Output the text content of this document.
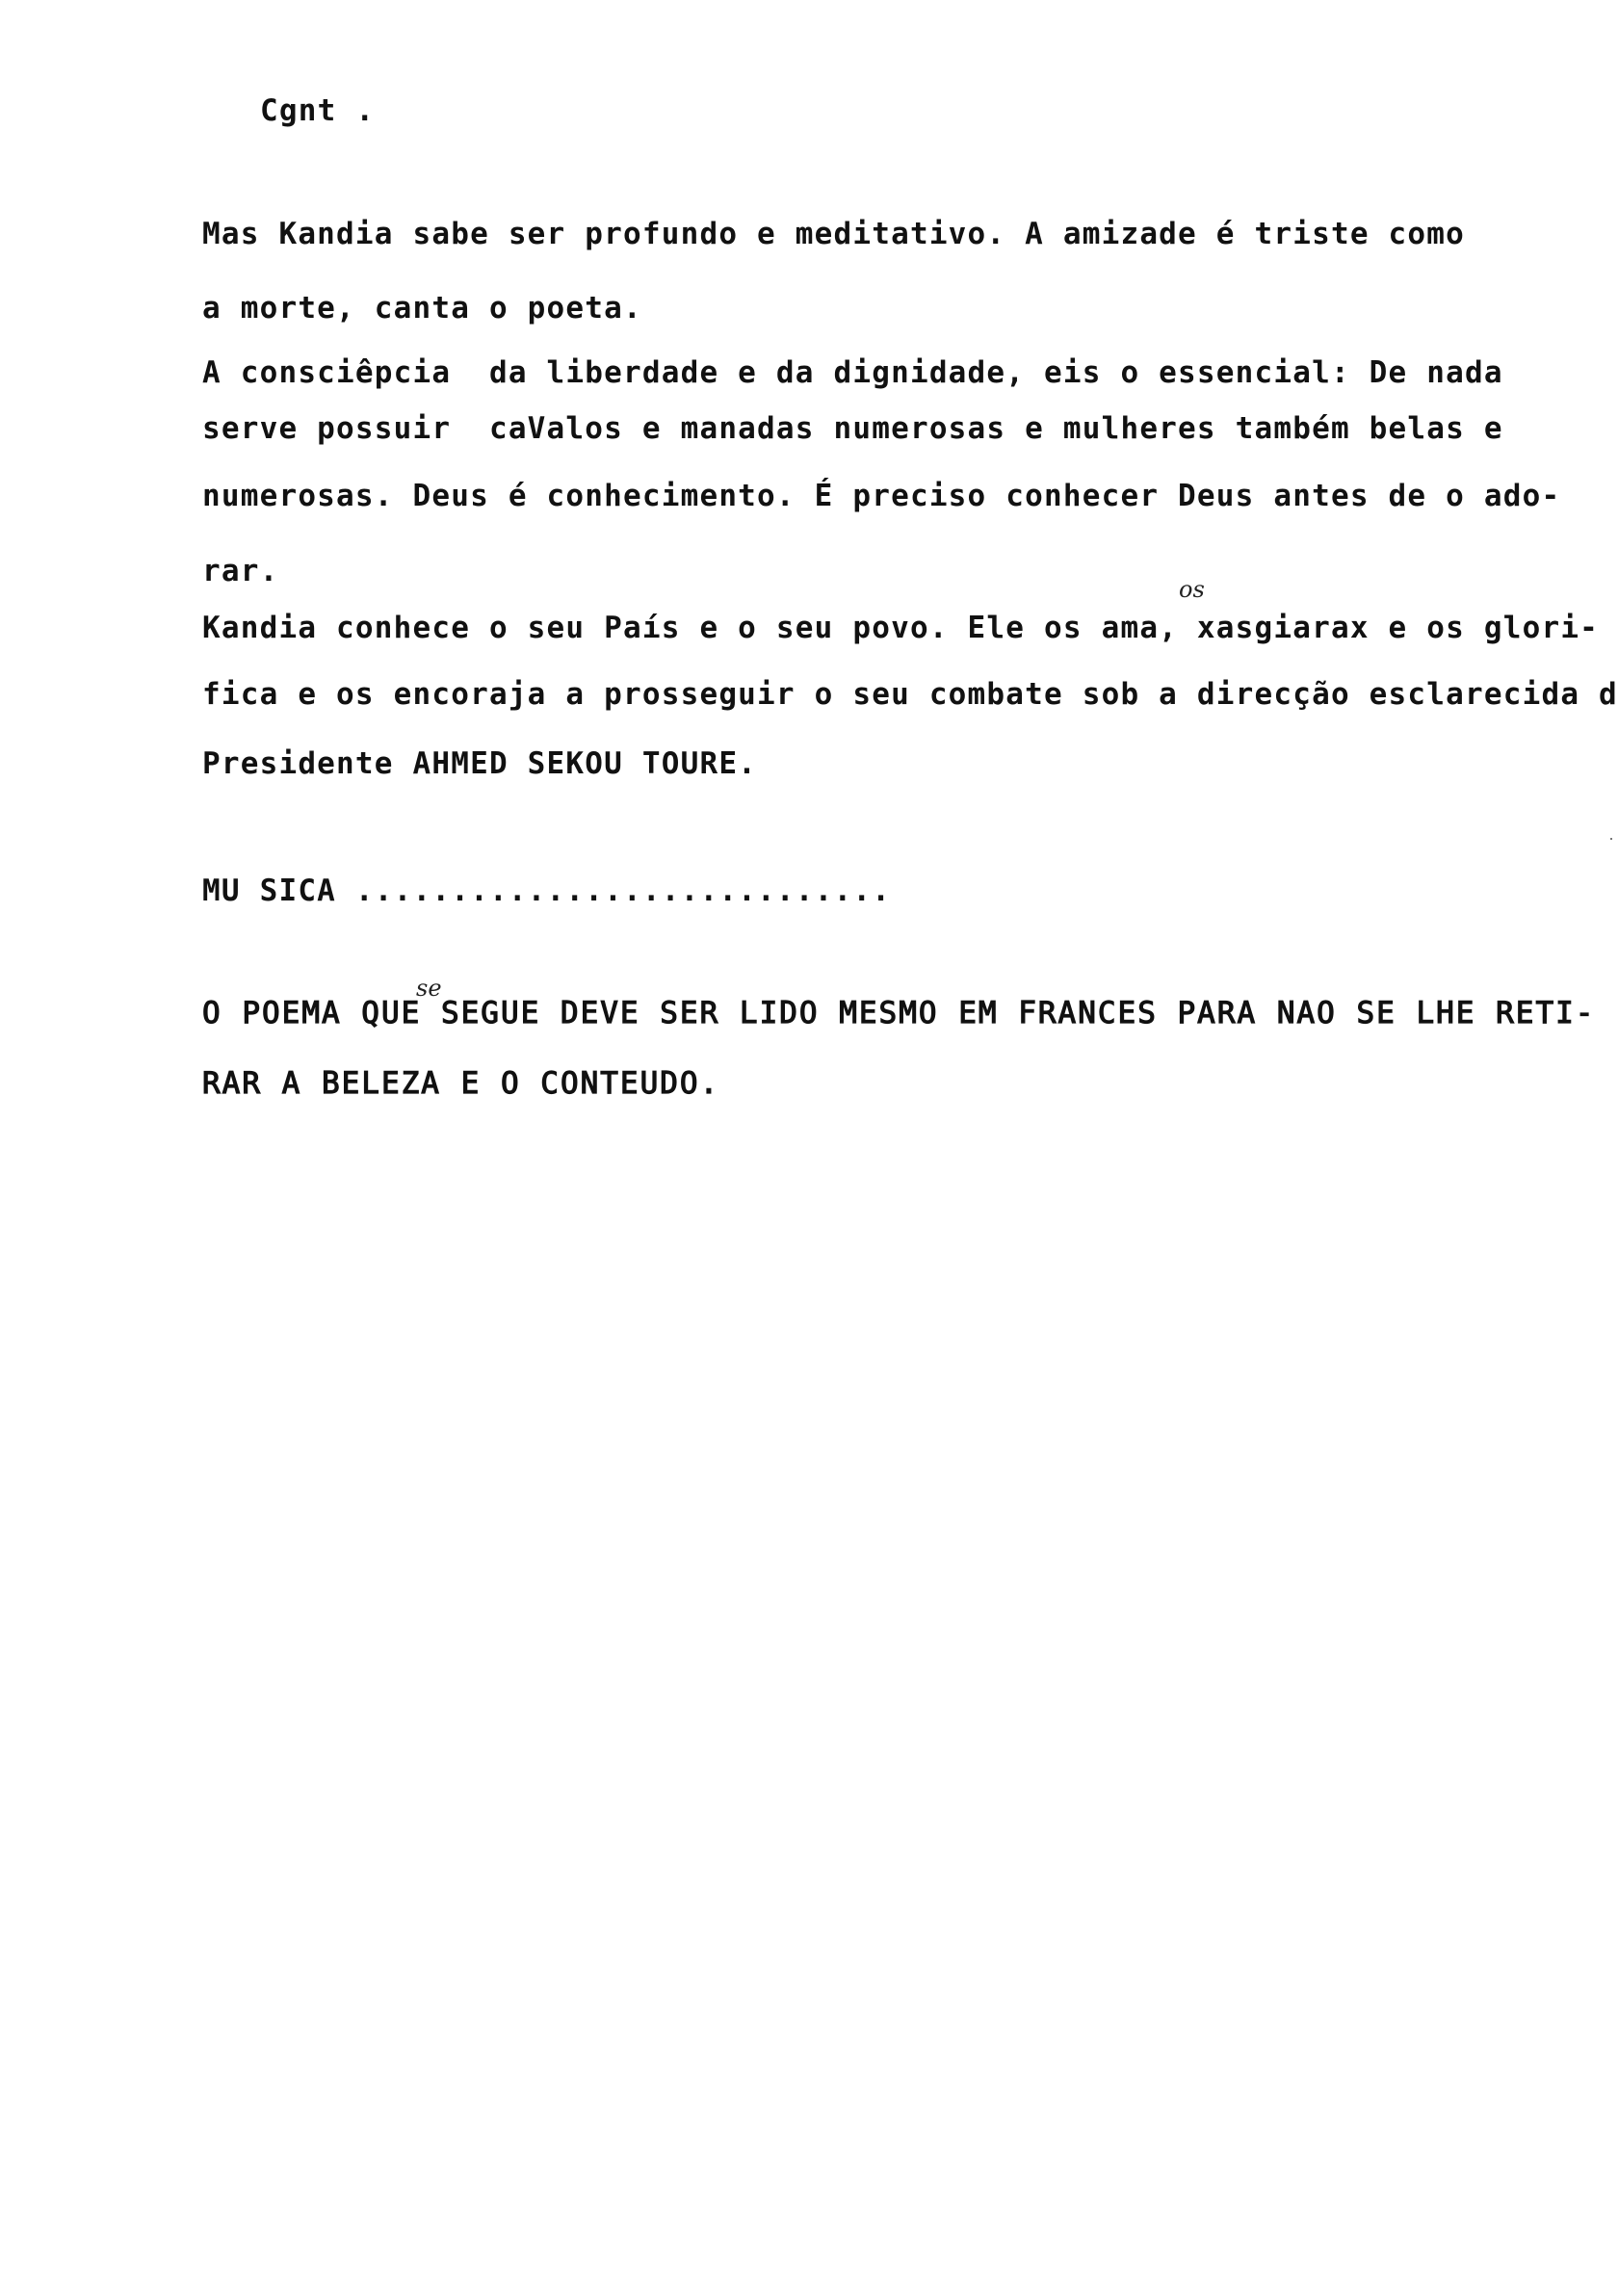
Cgnt .
Mas Kandia sabe ser profundo e meditativo. A amizade é triste como
a morte, canta o poeta.
A consciêpcia  da liberdade e da dignidade, eis o essencial: De nada
serve possuir  caValos e manadas numerosas e mulheres também belas e
numerosas. Deus é conhecimento. É preciso conhecer Deus antes de o ado-
rar.
Kandia conhece o seu País e o seu povo. Ele os ama, xasgiarax e os glori-
fica e os encoraja a prosseguir o seu combate sob a direcção esclarecida d
Presidente AHMED SEKOU TOURE.
os
MU SICA ............................
O POEMA QUE SEGUE DEVE SER LIDO MESMO EM FRANCES PARA NAO SE LHE RETI-
RAR A BELEZA E O CONTEUDO.
se
